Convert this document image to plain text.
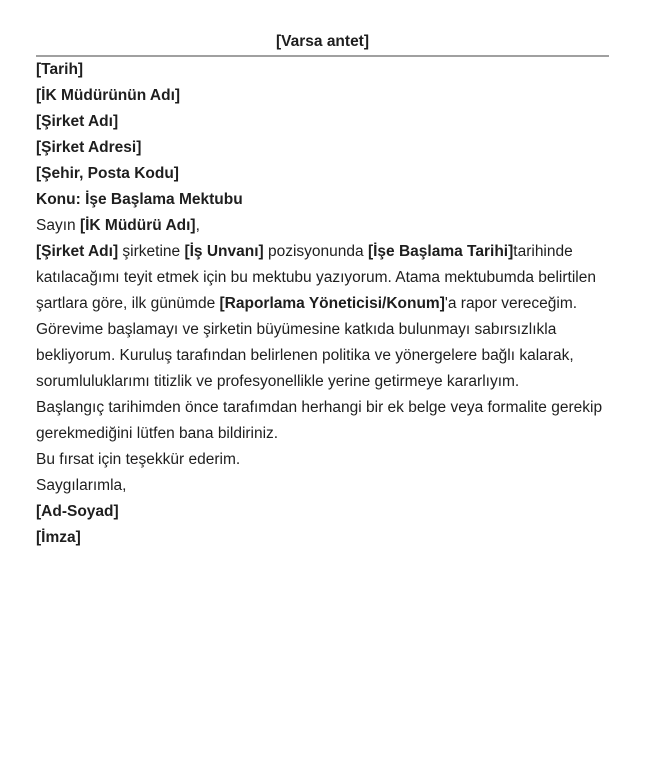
[Varsa antet]

[Tarih]

[İK Müdürünün Adı]
[Şirket Adı]
[Şirket Adresi]
[Şehir, Posta Kodu]

Konu: İşe Başlama Mektubu

Sayın [İK Müdürü Adı],

[Şirket Adı] şirketine [İş Unvanı] pozisyonunda [İşe Başlama Tarihi]tarihinde katılacağımı teyit etmek için bu mektubu yazıyorum. Atama mektubumda belirtilen şartlara göre, ilk günümde [Raporlama Yöneticisi/Konum]'a rapor vereceğim.

Görevime başlamayı ve şirketin büyümesine katkıda bulunmayı sabırsızlıkla bekliyorum. Kuruluş tarafından belirlenen politika ve yönergelere bağlı kalarak, sorumluluklarımı titizlik ve profesyonellikle yerine getirmeye kararlıyım.

Başlangıç tarihimden önce tarafımdan herhangi bir ek belge veya formalite gerekip gerekmediğini lütfen bana bildiriniz.

Bu fırsat için teşekkür ederim.

Saygılarımla,
[Ad-Soyad]
[İmza]
